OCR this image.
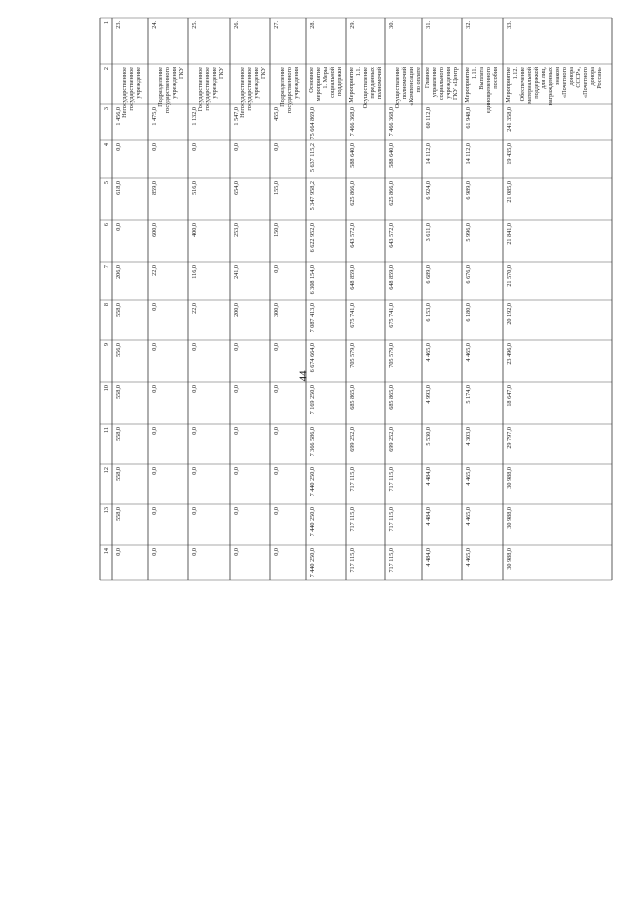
44
1
2
3
4
5
6
7
8
9
10
11
12
13
14
23.
Негосударственное государственное учреждение
1 456,0
0,0
618,0
0,0
206,0
558,0
556,0
558,0
558,0
558,0
558,0
0,0
24.
Подразделение государственного учреждения ГКУ
1 475,0
0,0
859,0
600,0
22,0
0,0
0,0
0,0
0,0
0,0
0,0
0,0
25.
Государственное государственное учреждение ГКУ
1 132,0
0,0
516,0
400,0
116,0
22,0
0,0
0,0
0,0
0,0
0,0
0,0
26.
Негосударственное государственное учреждение ГКУ
1 547,0
0,0
654,0
253,0
241,0
200,0
0,0
0,0
0,0
0,0
0,0
0,0
27.
Подразделение государственного учреждения
455,0
0,0
155,0
150,0
0,0
300,0
0,0
0,0
0,0
0,0
0,0
0,0
28.
Основное мероприятие 1. Меры социальной поддержки
75 664 869,0
5 637 115,2
5 347 958,2
6 622 952,0
6 308 154,0
7 087 413,0
6 674 664,0
7 169 250,0
7 366 586,0
7 440 250,0
7 440 250,0
7 440 250,0
29.
Мероприятие 1.1. Осуществление переданных полномочий
7 466 368,0
588 640,0
625 866,0
643 572,0
648 859,0
675 741,0
705 579,0
685 865,0
699 252,0
717 115,0
717 115,0
717 115,0
30.
Осуществление полномочий «Компенсации по оплате
7 466 368,0
588 640,0
625 866,0
643 572,0
648 859,0
675 741,0
705 579,0
685 865,0
699 252,0
717 115,0
717 115,0
717 115,0
31.
Главное управление социального учреждения ГКУ «Центр
60 112,0
14 112,0
6 924,0
3 611,0
6 689,0
6 153,0
4 465,0
4 993,0
5 530,0
4 484,0
4 484,0
4 484,0
32.
Мероприятие 1.11. Выплата единовременного пособия
61 948,0
14 112,0
6 989,0
5 996,0
6 676,0
6 180,0
4 465,0
5 174,0
4 303,0
4 465,0
4 465,0
4 465,0
33.
Мероприятие 1.12. Обеспечение материальной поддержкой для лиц, награжденных знаком «Почетного донора СССР», «Почетного донора России»
241 358,0
19 435,0
21 085,0
21 841,0
21 570,0
20 192,0
23 496,0
18 647,0
29 797,0
30 988,0
30 988,0
30 988,0
